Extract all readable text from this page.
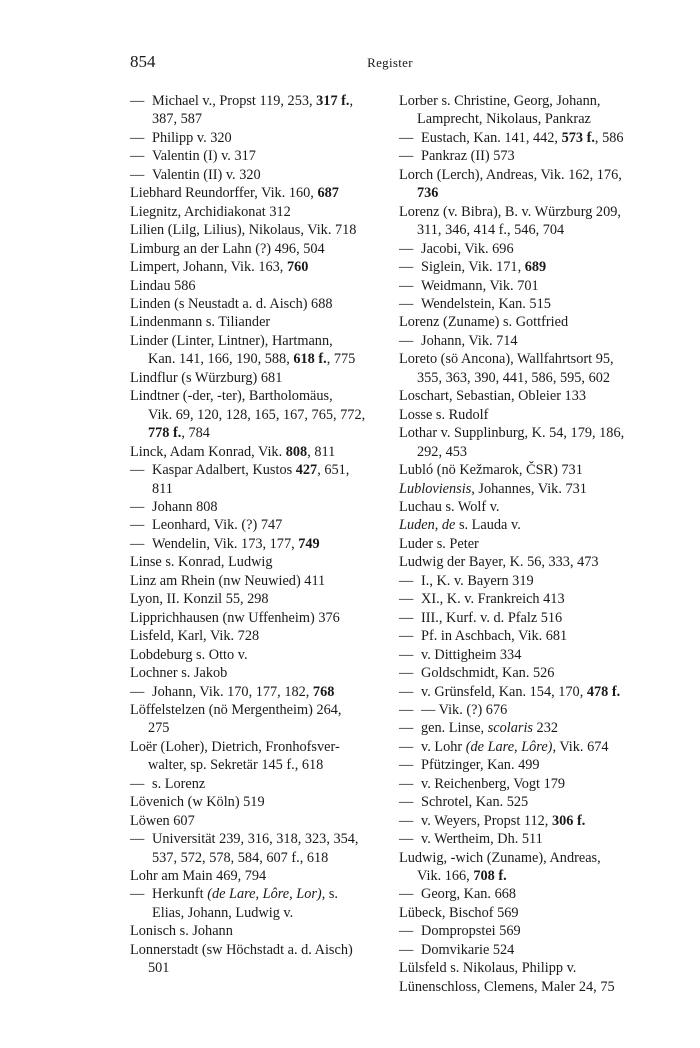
854	Register

— Michael v., Propst 119, 253, 317 f.,
387, 587

— Philipp v. 320

— Valentin (I) v. 317

— Valentin (II) v. 320

Liebhard Reundorffer, Vik. 160, 687

Liegnitz, Archidiakonat 312

Lilien (Lilg, Lilius), Nikolaus, Vik. 718

Limburg an der Lahn (?) 496, 504

Limpert, Johann, Vik. 163, 760

Lindau 586

Linden (s Neustadt a. d. Aisch) 688

Lindenmann s. Tiliander

Linder (Linter, Lintner), Hartmann,
Kan. 141, 166, 190, 588, 618 f., 775

Lindflur (s Würzburg) 681

Lindtner (-der, -ter), Bartholomäus,
Vik. 69, 120, 128, 165, 167, 765, 772,
778 f., 784

Linck, Adam Konrad, Vik. 808, 811

— Kaspar Adalbert, Kustos 427, 651,
811

— Johann 808

— Leonhard, Vik. (?) 747

— Wendelin, Vik. 173, 177, 749

Linse s. Konrad, Ludwig

Linz am Rhein (nw Neuwied) 411

Lyon, II. Konzil 55, 298

Lipprichhausen (nw Uffenheim) 376

Lisfeld, Karl, Vik. 728

Lobdeburg s. Otto v.

Lochner s. Jakob

— Johann, Vik. 170, 177, 182, 768

Löffelstelzen (nö Mergentheim) 264,
275

Loër (Loher), Dietrich, Fronhofsver-
walter, sp. Sekretär 145 f., 618

— s. Lorenz

Lövenich (w Köln) 519

Löwen 607

— Universität 239, 316, 318, 323, 354,
537, 572, 578, 584, 607 f., 618

Lohr am Main 469, 794

— Herkunft (de Lare, Lôre, Lor), s.
Elias, Johann, Ludwig v.

Lonisch s. Johann

Lonnerstadt (sw Höchstadt a. d. Aisch)
501

Lorber s. Christine, Georg, Johann,
Lamprecht, Nikolaus, Pankraz

— Eustach, Kan. 141, 442, 573 f., 586

— Pankraz (II) 573

Lorch (Lerch), Andreas, Vik. 162, 176,
736

Lorenz (v. Bibra), B. v. Würzburg 209,
311, 346, 414 f., 546, 704

— Jacobi, Vik. 696

— Siglein, Vik. 171, 689

— Weidmann, Vik. 701

— Wendelstein, Kan. 515

Lorenz (Zuname) s. Gottfried

— Johann, Vik. 714

Loreto (sö Ancona), Wallfahrtsort 95,
355, 363, 390, 441, 586, 595, 602

Loschart, Sebastian, Obleier 133

Losse s. Rudolf

Lothar v. Supplinburg, K. 54, 179, 186,
292, 453

Lubló (nö Kežmarok, ČSR) 731

Lubloviensis, Johannes, Vik. 731

Luchau s. Wolf v.

Luden, de s. Lauda v.

Luder s. Peter

Ludwig der Bayer, K. 56, 333, 473

— I., K. v. Bayern 319

— XI., K. v. Frankreich 413

— III., Kurf. v. d. Pfalz 516

— Pf. in Aschbach, Vik. 681

— v. Dittigheim 334

— Goldschmidt, Kan. 526

— v. Grünsfeld, Kan. 154, 170, 478 f.

— — Vik. (?) 676

— gen. Linse, scolaris 232

— v. Lohr (de Lare, Lôre), Vik. 674

— Pfützinger, Kan. 499

— v. Reichenberg, Vogt 179

— Schrotel, Kan. 525

— v. Weyers, Propst 112, 306 f.

— v. Wertheim, Dh. 511

Ludwig, -wich (Zuname), Andreas,
Vik. 166, 708 f.

— Georg, Kan. 668

Lübeck, Bischof 569

— Dompropstei 569

— Domvikarie 524

Lülsfeld s. Nikolaus, Philipp v.

Lünenschloss, Clemens, Maler 24, 75
